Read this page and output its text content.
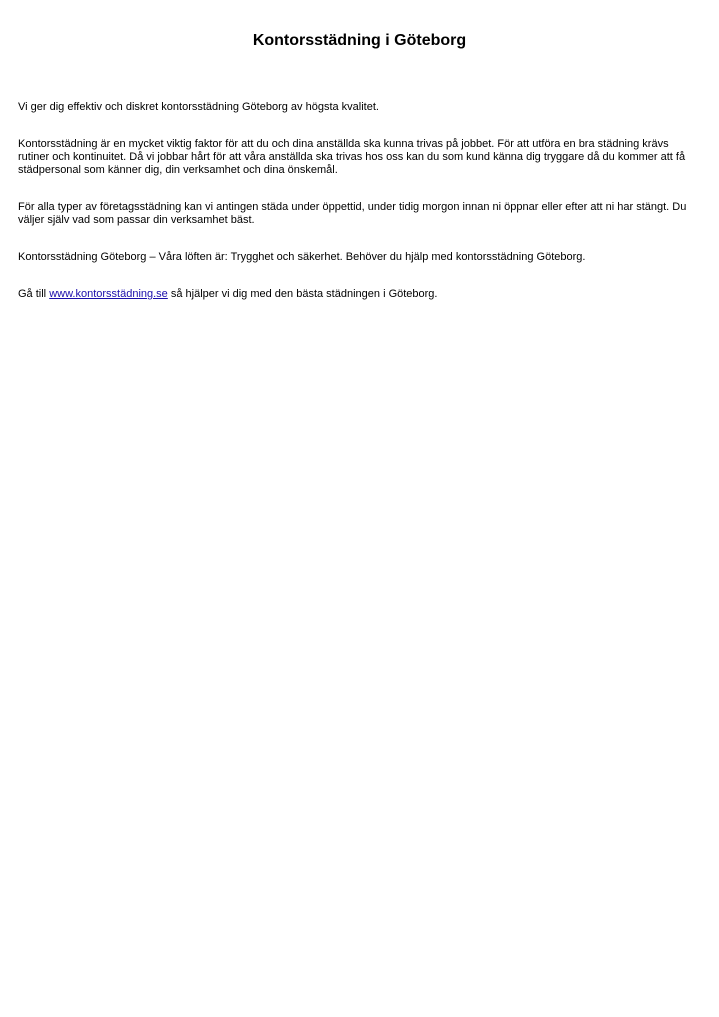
Kontorsstädning i Göteborg

Vi ger dig effektiv och diskret kontorsstädning Göteborg av högsta kvalitet.

Kontorsstädning är en mycket viktig faktor för att du och dina anställda ska kunna trivas på jobbet. För att utföra en bra städning krävs rutiner och kontinuitet. Då vi jobbar hårt för att våra anställda ska trivas hos oss kan du som kund känna dig tryggare då du kommer att få städpersonal som känner dig, din verksamhet och dina önskemål.

För alla typer av företagsstädning kan vi antingen städa under öppettid, under tidig morgon innan ni öppnar eller efter att ni har stängt. Du väljer själv vad som passar din verksamhet bäst.

Kontorsstädning Göteborg – Våra löften är: Trygghet och säkerhet. Behöver du hjälp med kontorsstädning Göteborg.

Gå till www.kontorsstädning.se så hjälper vi dig med den bästa städningen i Göteborg.
